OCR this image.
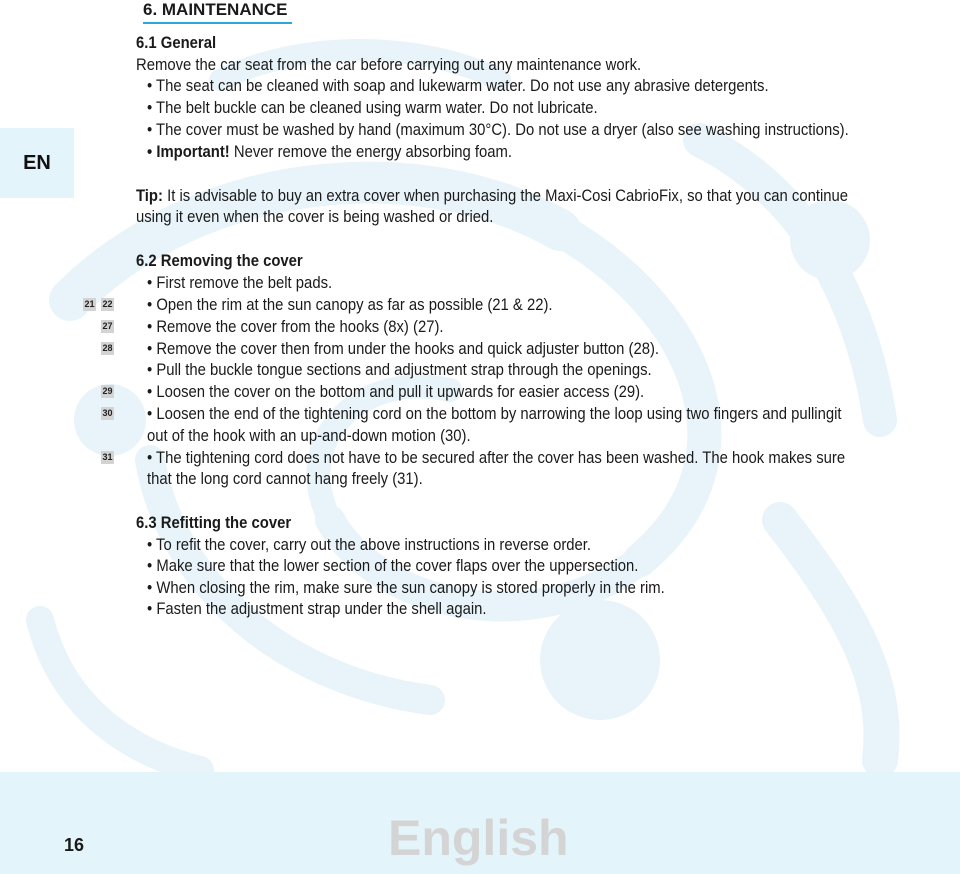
EN
6. MAINTENANCE
6.1 General
Remove the car seat from the car before carrying out any maintenance work.
• The seat can be cleaned with soap and lukewarm water. Do not use any abrasive detergents.
• The belt buckle can be cleaned using warm water. Do not lubricate.
• The cover must be washed by hand (maximum 30°C). Do not use a dryer (also see washing instructions).
• Important! Never remove the energy absorbing foam.
Tip: It is advisable to buy an extra cover when purchasing the Maxi-Cosi CabrioFix, so that you can continue
using it even when the cover is being washed or dried.
6.2 Removing the cover
• First remove the belt pads.
• Open the rim at the sun canopy as far as possible (21 & 22).
• Remove the cover from the hooks (8x) (27).
• Remove the cover then from under the hooks and quick adjuster button (28).
• Pull the buckle tongue sections and adjustment strap through the openings.
• Loosen the cover on the bottom and pull it upwards for easier access (29).
• Loosen the end of the tightening cord on the bottom by narrowing the loop using two fingers and pullingit
out of the hook with an up-and-down motion (30).
• The tightening cord does not have to be secured after the cover has been washed. The hook makes sure
that the long cord cannot hang freely (31).
21 22
27
28
29
30
31
6.3 Refitting the cover
• To refit the cover, carry out the above instructions in reverse order.
• Make sure that the lower section of the cover flaps over the uppersection.
• When closing the rim, make sure the sun canopy is stored properly in the rim.
• Fasten the adjustment strap under the shell again.
16	English
